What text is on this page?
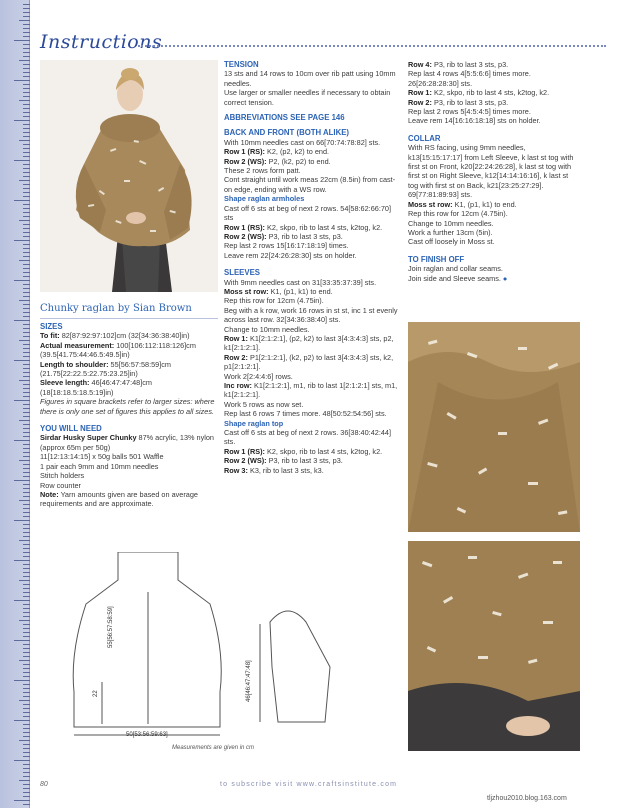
Instructions
Chunky raglan by Sian Brown

SIZES

To fit: 82[87:92:97:102]cm (32[34:36:38:40]in)

Actual measurement: 100[106:112:118:126]cm (39.5[41.75:44:46.5:49.5]in)

Length to shoulder: 55[56:57:58:59]cm (21.75[22:22.5:22.75:23.25]in)

Sleeve length: 46[46:47:47:48]cm (18[18:18.5:18.5:19]in)

Figures in square brackets refer to larger sizes: where there is only one set of figures this applies to all sizes.

YOU WILL NEED

Sirdar Husky Super Chunky 87% acrylic, 13% nylon (approx 65m per 50g)

11[12:13:14:15] x 50g balls 501 Waffle

1 pair each 9mm and 10mm needles

Stitch holders

Row counter

Note: Yarn amounts given are based on average requirements and are approximate.

TENSION

13 sts and 14 rows to 10cm over rib patt using 10mm needles.

Use larger or smaller needles if necessary to obtain correct tension.

ABBREVIATIONS SEE PAGE 146

BACK AND FRONT (BOTH ALIKE)

With 10mm needles cast on 66[70:74:78:82] sts.

Row 1 (RS): K2, (p2, k2) to end.

Row 2 (WS): P2, (k2, p2) to end.

These 2 rows form patt.

Cont straight until work meas 22cm (8.5in) from cast-on edge, ending with a WS row.

Shape raglan armholes

Cast off 6 sts at beg of next 2 rows. 54[58:62:66:70] sts

Row 1 (RS): K2, skpo, rib to last 4 sts, k2tog, k2.

Row 2 (WS): P3, rib to last 3 sts, p3.

Rep last 2 rows 15[16:17:18:19] times.

Leave rem 22[24:26:28:30] sts on holder.

SLEEVES

With 9mm needles cast on 31[33:35:37:39] sts.

Moss st row: K1, (p1, k1) to end.

Rep this row for 12cm (4.75in).

Beg with a k row, work 16 rows in st st, inc 1 st evenly across last row. 32[34:36:38:40] sts.

Change to 10mm needles.

Row 1: K1[2:1:2:1], (p2, k2) to last 3[4:3:4:3] sts, p2, k1[2:1:2:1].

Row 2: P1[2:1:2:1], (k2, p2) to last 3[4:3:4:3] sts, k2, p1[2:1:2:1].

Work 2[2:4:4:6] rows.

Inc row: K1[2:1:2:1], m1, rib to last 1[2:1:2:1] sts, m1, k1[2:1:2:1].

Work 5 rows as now set.

Rep last 6 rows 7 times more. 48[50:52:54:56] sts.

Shape raglan top

Cast off 6 sts at beg of next 2 rows. 36[38:40:42:44] sts.

Row 1 (RS): K2, skpo, rib to last 4 sts, k2tog, k2.

Row 2 (WS): P3, rib to last 3 sts, p3.

Row 3: K3, rib to last 3 sts, k3.

Row 4: P3, rib to last 3 sts, p3.

Rep last 4 rows 4[5:5:6:6] times more. 26[26:28:28:30] sts.

Row 1: K2, skpo, rib to last 4 sts, k2tog, k2.

Row 2: P3, rib to last 3 sts, p3.

Rep last 2 rows 5[4:5:4:5] times more.

Leave rem 14[16:16:18:18] sts on holder.

COLLAR

With RS facing, using 9mm needles, k13[15:15:17:17] from Left Sleeve, k last st tog with first st on Front, k20[22:24:26:28], k last st tog with first st on Right Sleeve, k12[14:14:16:16], k last st tog with first st on Back, k21[23:25:27:29]. 69[77:81:89:93] sts.

Moss st row: K1, (p1, k1) to end.

Rep this row for 12cm (4.75in).

Change to 10mm needles.

Work a further 13cm (5in).

Cast off loosely in Moss st.

TO FINISH OFF

Join raglan and collar seams.

Join side and Sleeve seams. ●

50[53:56:59:63]
55[56:57:58:59]
22	46[46:47:47:48]
Measurements are given in cm
80	to subscribe visit www.craftsinstitute.com
tljzhou2010.blog.163.com
